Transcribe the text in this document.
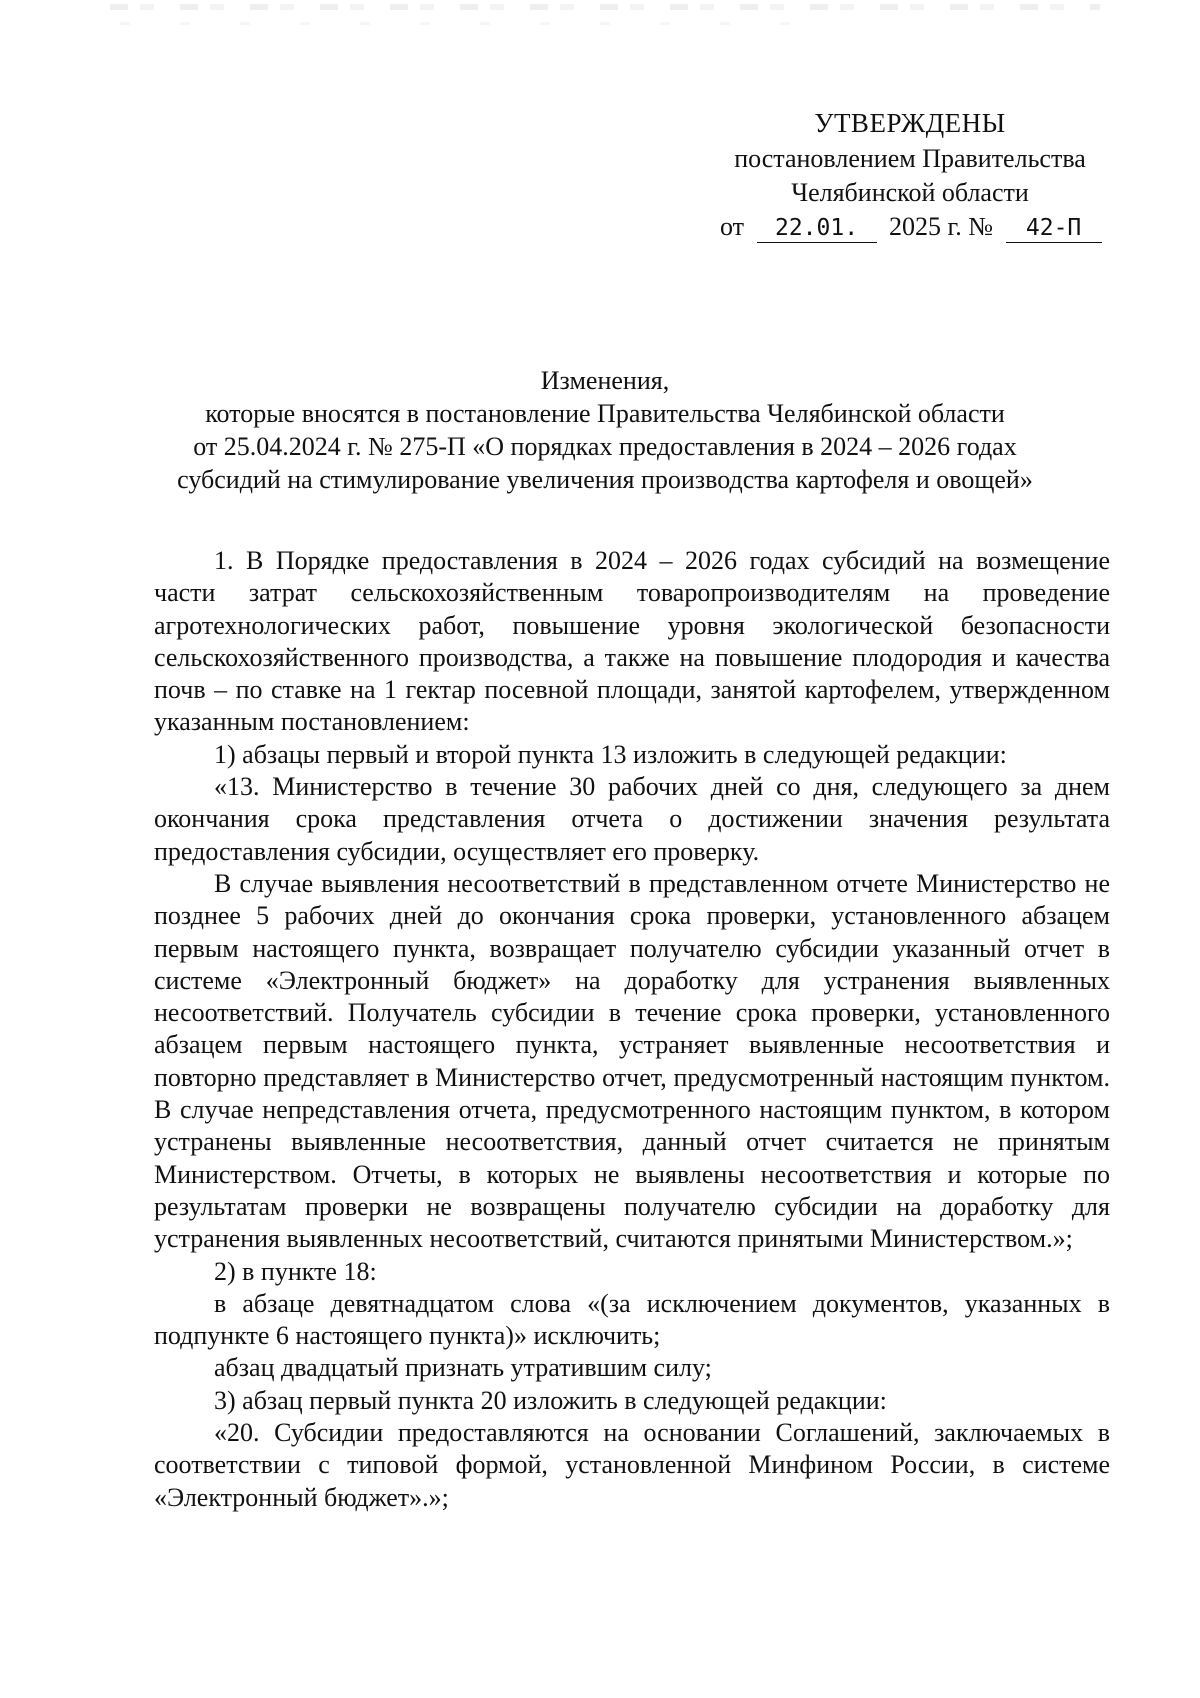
УТВЕРЖДЕНЫ
постановлением Правительства
Челябинской области
от 22.01. 2025 г. № 42-П
Изменения,
которые вносятся в постановление Правительства Челябинской области
от 25.04.2024 г. № 275-П «О порядках предоставления в 2024 – 2026 годах
субсидий на стимулирование увеличения производства картофеля и овощей»

1. В Порядке предоставления в 2024 – 2026 годах субсидий на возмещение части затрат сельскохозяйственным товаропроизводителям на проведение агротехнологических работ, повышение уровня экологической безопасности сельскохозяйственного производства, а также на повышение плодородия и качества почв – по ставке на 1 гектар посевной площади, занятой картофелем, утвержденном указанным постановлением:

1) абзацы первый и второй пункта 13 изложить в следующей редакции:

«13. Министерство в течение 30 рабочих дней со дня, следующего за днем окончания срока представления отчета о достижении значения результата предоставления субсидии, осуществляет его проверку.

В случае выявления несоответствий в представленном отчете Министерство не позднее 5 рабочих дней до окончания срока проверки, установленного абзацем первым настоящего пункта, возвращает получателю субсидии указанный отчет в системе «Электронный бюджет» на доработку для устранения выявленных несоответствий. Получатель субсидии в течение срока проверки, установленного абзацем первым настоящего пункта, устраняет выявленные несоответствия и повторно представляет в Министерство отчет, предусмотренный настоящим пунктом. В случае непредставления отчета, предусмотренного настоящим пунктом, в котором устранены выявленные несоответствия, данный отчет считается не принятым Министерством. Отчеты, в которых не выявлены несоответствия и которые по результатам проверки не возвращены получателю субсидии на доработку для устранения выявленных несоответствий, считаются принятыми Министерством.»;

2) в пункте 18:

в абзаце девятнадцатом слова «(за исключением документов, указанных в подпункте 6 настоящего пункта)» исключить;

абзац двадцатый признать утратившим силу;

3) абзац первый пункта 20 изложить в следующей редакции:

«20. Субсидии предоставляются на основании Соглашений, заключаемых в соответствии с типовой формой, установленной Минфином России, в системе «Электронный бюджет».»;
